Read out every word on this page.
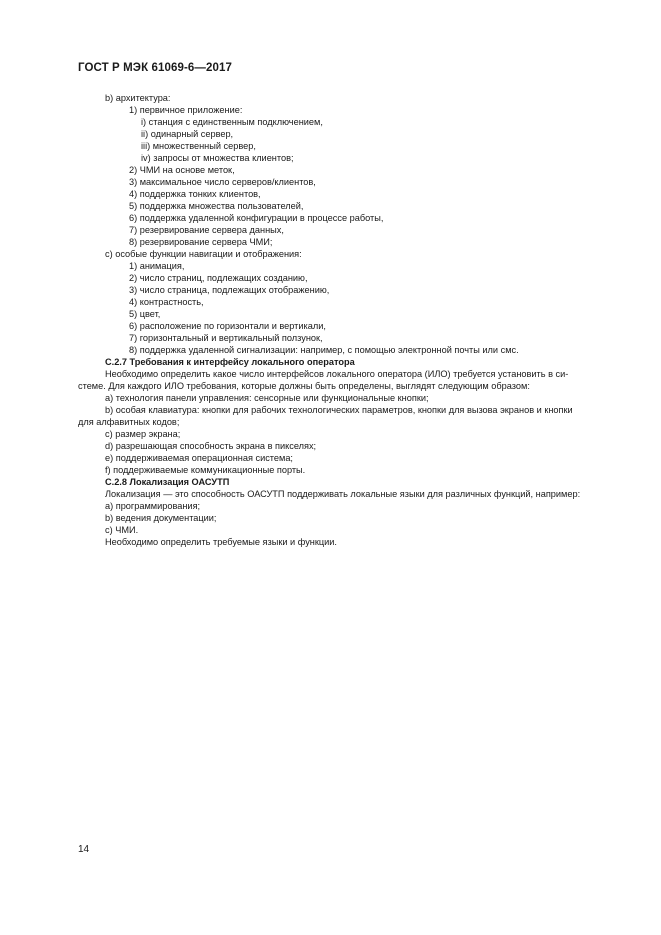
ГОСТ Р МЭК 61069-6—2017
b) архитектура:
1) первичное приложение:
i) станция с единственным подключением,
ii) одинарный сервер,
iii) множественный сервер,
iv) запросы от множества клиентов;
2) ЧМИ на основе меток,
3) максимальное число серверов/клиентов,
4) поддержка тонких клиентов,
5) поддержка множества пользователей,
6) поддержка удаленной конфигурации в процессе работы,
7) резервирование сервера данных,
8) резервирование сервера ЧМИ;
c) особые функции навигации и отображения:
1) анимация,
2) число страниц, подлежащих созданию,
3) число страница, подлежащих отображению,
4) контрастность,
5) цвет,
6) расположение по горизонтали и вертикали,
7) горизонтальный и вертикальный ползунок,
8) поддержка удаленной сигнализации: например, с помощью электронной почты или смс.
C.2.7 Требования к интерфейсу локального оператора
Необходимо определить какое число интерфейсов локального оператора (ИЛО) требуется установить в си-
стеме. Для каждого ИЛО требования, которые должны быть определены, выглядят следующим образом:
a) технология панели управления: сенсорные или функциональные кнопки;
b) особая клавиатура: кнопки для рабочих технологических параметров, кнопки для вызова экранов и кнопки
для алфавитных кодов;
c) размер экрана;
d) разрешающая способность экрана в пикселях;
e) поддерживаемая операционная система;
f) поддерживаемые коммуникационные порты.
C.2.8 Локализация ОАСУТП
Локализация — это способность ОАСУТП поддерживать локальные языки для различных функций, например:
a) программирования;
b) ведения документации;
c) ЧМИ.
Необходимо определить требуемые языки и функции.
14
